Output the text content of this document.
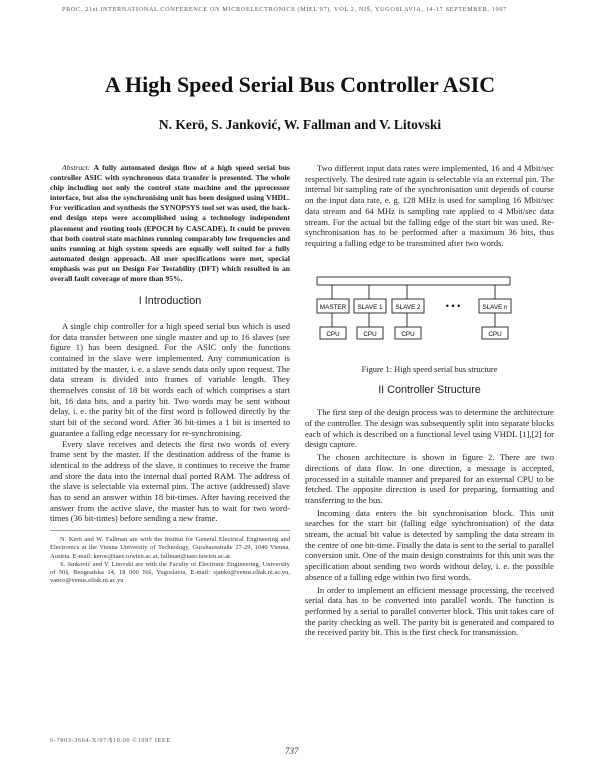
PROC. 21st INTERNATIONAL CONFERENCE ON MICROELECTRONICS (MIEL'97), VOL 2, NIŠ, YUGOSLAVIA, 14-17 SEPTEMBER, 1997
A High Speed Serial Bus Controller ASIC
N. Kerö, S. Janković, W. Fallman and V. Litovski

Abstract: A fully automated design flow of a high speed serial bus controller ASIC with synchronous data transfer is presented. The whole chip including not only the control state machine and the µprocessor interface, but also the synchronising unit has been designed using VHDL. For verification and synthesis the SYNOPSYS tool set was used, the back-end design steps were accomplished using a technology independent placement and routing tools (EPOCH by CASCADE). It could be proven that both control state machines running comparably low frequencies and units running at high system speeds are equally well suited for a fully automated design approach. All user specifications were met, special emphasis was put on Design For Testability (DFT) which resulted in an overall fault coverage of more than 95%.

I Introduction

A single chip controller for a high speed serial bus which is used for data transfer between one single master and up to 16 slaves (see figure 1) has been designed. For the ASIC only the functions contained in the slave were implemented. Any communication is initiated by the master, i. e. a slave sends data only upon request. The data stream is divided into frames of variable length. They themselves consist of 18 bit words each of which comprises a start bit, 16 data bits, and a parity bit. Two words may be sent without delay, i. e. the parity bit of the first word is followed directly by the start bit of the second word. After 36 bit-times a 1 bit is inserted to guarantee a falling edge necessary for re-synchronising.

Every slave receives and detects the first two words of every frame sent by the master. If the destination address of the frame is identical to the address of the slave, it continues to receive the frame and store the data into the internal dual ported RAM. The address of the slave is selectable via external pins. The active (addressed) slave has to send an answer within 18 bit-times. After having received the answer from the active slave, the master has to wait for two word-times (36 bit-times) before sending a new frame.

N. Kerö and W. Fallman are with the Institut for General Electrical Engineering and Electronics at the Vienna University of Technology, Gusshausstraße 27-29, 1040 Vienna, Austria. E-mail: keroe@iaee.tuwien.ac.at, fallman@iaee.tuwien.ac.at

S. Janković and V. Litovski are with the Faculty of Electronic Engineering, University of Niš, Beogradska 14, 18 000 Niš, Yugoslavia, E-mail: sjanko@venus.elfak.ni.ac.yu, vanco@venus.elfak.ni.ac.yu

Two different input data rates were implemented, 16 and 4 Mbit/sec respectively. The desired rate again is selectable via an external pin. The internal bit sampling rate of the synchronisation unit depends of course on the input data rate, e. g. 128 MHz is used for sampling 16 Mbit/sec data stream and 64 MHz is sampling rate applied to 4 Mbit/sec data stream. For the actual bit the falling edge of the start bit was used. Re-synchronisation has to be performed after a maximum 36 bits, thus requiring a falling edge to be transmitted after two words.

MASTER
CPU
SLAVE 1
CPU
SLAVE 2
CPU
• • •	SLAVE n
CPU
Figure 1: High speed serial bus structure
II Controller Structure

The first step of the design process was to determine the architecture of the controller. The design was subsequently split into separate blocks each of which is described on a functional level using VHDL [1],[2] for design capture.

The chosen architecture is shown in figure 2. There are two directions of data flow. In one direction, a message is accepted, processed in a suitable manner and prepared for an external CPU to be fetched. The opposite direction is used for preparing, formatting and transferring to the bus.

Incoming data enters the bit synchronisation block. This unit searches for the start bit (falling edge synchronisation) of the data stream, the actual bit value is detected by sampling the data stream in the centre of one bit-time. Finally the data is sent to the serial to parallel conversion unit. One of the main design constraints for this unit was the specification about sending two words without delay, i. e. the possible absence of a falling edge within two first words.

In order to implement an efficient message processing, the received serial data has to be converted into parallel words. The function is performed by a serial to parallel converter block. This unit takes care of the parity checking as well. The parity bit is generated and compared to the received parity bit. This is the first check for transmission.

0-7803-3664-X/97/$10.00 ©1997 IEEE
737
